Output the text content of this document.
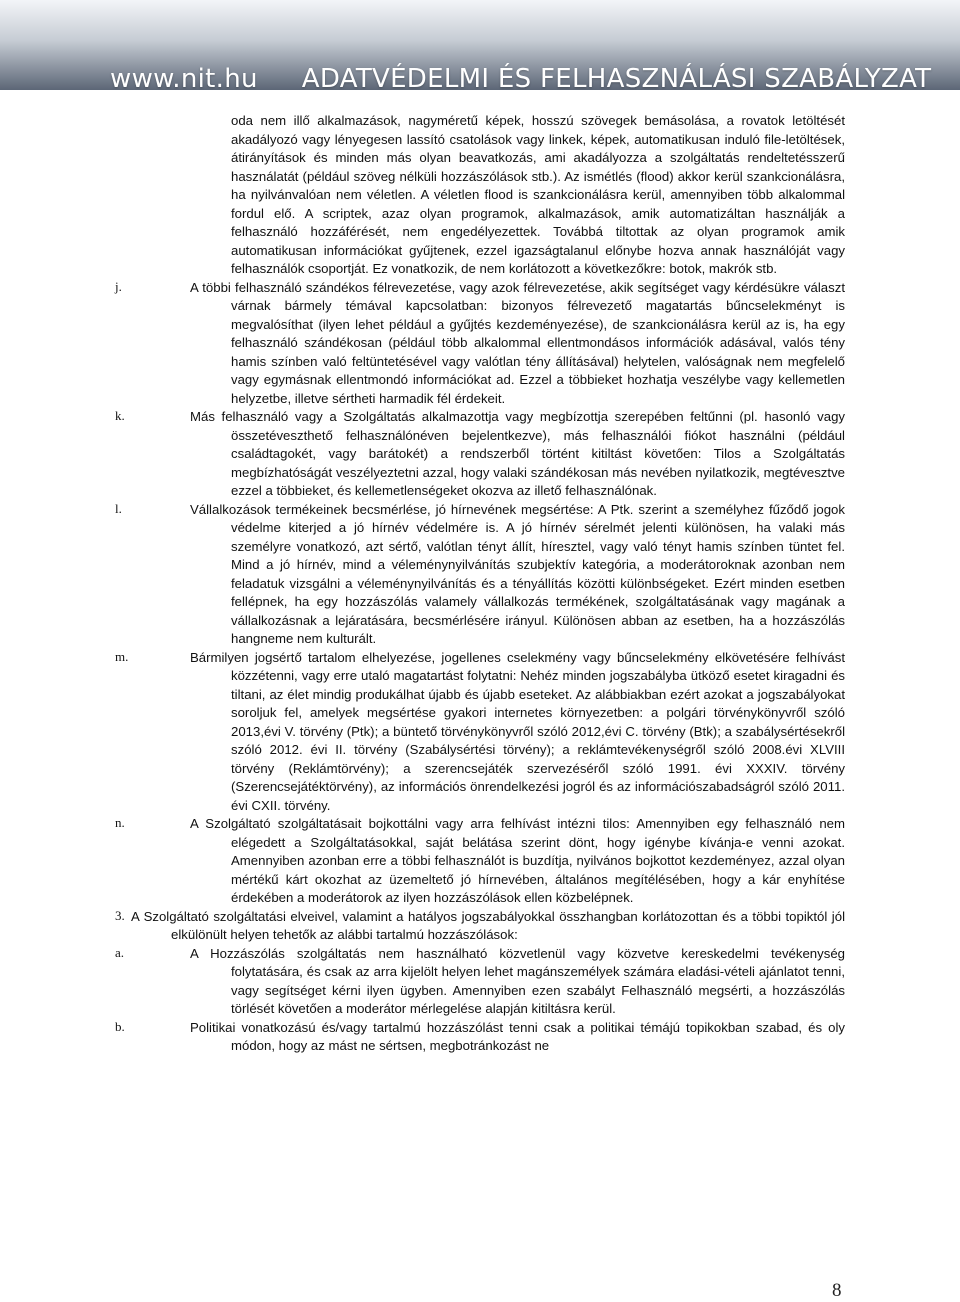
www.nit.hu ADATVÉDELMI ÉS FELHASZNÁLÁSI SZABÁLYZAT

oda nem illő alkalmazások, nagyméretű képek, hosszú szövegek bemásolása, a rovatok letöltését akadályozó vagy lényegesen lassító csatolások vagy linkek, képek, automatikusan induló file-letöltések, átirányítások és minden más olyan beavatkozás, ami akadályozza a szolgáltatás rendeltetésszerű használatát (például szöveg nélküli hozzászólások stb.). Az ismétlés (flood) akkor kerül szankcionálásra, ha nyilvánvalóan nem véletlen. A véletlen flood is szankcionálásra kerül, amennyiben több alkalommal fordul elő. A scriptek, azaz olyan programok, alkalmazások, amik automatizáltan használják a felhasználó hozzáférését, nem engedélyezettek. Továbbá tiltottak az olyan programok amik automatikusan információkat gyűjtenek, ezzel igazságtalanul előnybe hozva annak használóját vagy felhasználók csoportját. Ez vonatkozik, de nem korlátozott a következőkre: botok, makrók stb.

j.	A többi felhasználó szándékos félrevezetése, vagy azok félrevezetése, akik segítséget vagy kérdésükre választ várnak bármely témával kapcsolatban: bizonyos félrevezető magatartás bűncselekményt is megvalósíthat (ilyen lehet például a gyűjtés kezdeményezése), de szankcionálásra kerül az is, ha egy felhasználó szándékosan (például több alkalommal ellentmondásos információk adásával, valós tény hamis színben való feltüntetésével vagy valótlan tény állításával) helytelen, valóságnak nem megfelelő vagy egymásnak ellentmondó információkat ad. Ezzel a többieket hozhatja veszélybe vagy kellemetlen helyzetbe, illetve sértheti harmadik fél érdekeit.

k.	Más felhasználó vagy a Szolgáltatás alkalmazottja vagy megbízottja szerepében feltűnni (pl. hasonló vagy összetéveszthető felhasználónéven bejelentkezve), más felhasználói fiókot használni (például családtagokét, vagy barátokét) a rendszerből történt kitiltást követően: Tilos a Szolgáltatás megbízhatóságát veszélyeztetni azzal, hogy valaki szándékosan más nevében nyilatkozik, megtévesztve ezzel a többieket, és kellemetlenségeket okozva az illető felhasználónak.

l.	Vállalkozások termékeinek becsmérlése, jó hírnevének megsértése: A Ptk. szerint a személyhez fűződő jogok védelme kiterjed a jó hírnév védelmére is. A jó hírnév sérelmét jelenti különösen, ha valaki más személyre vonatkozó, azt sértő, valótlan tényt állít, híresztel, vagy való tényt hamis színben tüntet fel. Mind a jó hírnév, mind a véleménynyilvánítás szubjektív kategória, a moderátoroknak azonban nem feladatuk vizsgálni a véleménynyilvánítás és a tényállítás közötti különbségeket. Ezért minden esetben fellépnek, ha egy hozzászólás valamely vállalkozás termékének, szolgáltatásának vagy magának a vállalkozásnak a lejáratására, becsmérlésére irányul. Különösen abban az esetben, ha a hozzászólás hangneme nem kulturált.

m.	Bármilyen jogsértő tartalom elhelyezése, jogellenes cselekmény vagy bűncselekmény elkövetésére felhívást közzétenni, vagy erre utaló magatartást folytatni: Nehéz minden jogszabályba ütköző esetet kiragadni és tiltani, az élet mindig produkálhat újabb és újabb eseteket. Az alábbiakban ezért azokat a jogszabályokat soroljuk fel, amelyek megsértése gyakori internetes környezetben: a polgári törvénykönyvről szóló 2013,évi V. törvény (Ptk); a büntető törvénykönyvről szóló 2012,évi C. törvény (Btk); a szabálysértésekről szóló 2012. évi II. törvény (Szabálysértési törvény); a reklámtevékenységről szóló 2008.évi XLVIII törvény (Reklámtörvény); a szerencsejáték szervezéséről szóló 1991. évi XXXIV. törvény (Szerencsejátéktörvény), az információs önrendelkezési jogról és az információszabadságról szóló 2011. évi CXII. törvény.

n.	A Szolgáltató szolgáltatásait bojkottálni vagy arra felhívást intézni tilos: Amennyiben egy felhasználó nem elégedett a Szolgáltatásokkal, saját belátása szerint dönt, hogy igénybe kívánja-e venni azokat. Amennyiben azonban erre a többi felhasználót is buzdítja, nyilvános bojkottot kezdeményez, azzal olyan mértékű kárt okozhat az üzemeltető jó hírnevében, általános megítélésében, hogy a kár enyhítése érdekében a moderátorok az ilyen hozzászólások ellen közbelépnek.

3. A Szolgáltató szolgáltatási elveivel, valamint a hatályos jogszabályokkal összhangban korlátozottan és a többi topiktól jól elkülönült helyen tehetők az alábbi tartalmú hozzászólások:

a.	A Hozzászólás szolgáltatás nem használható közvetlenül vagy közvetve kereskedelmi tevékenység folytatására, és csak az arra kijelölt helyen lehet magánszemélyek számára eladási-vételi ajánlatot tenni, vagy segítséget kérni ilyen ügyben. Amennyiben ezen szabályt Felhasználó megsérti, a hozzászólás törlését követően a moderátor mérlegelése alapján kitiltásra kerül.

b.	Politikai vonatkozású és/vagy tartalmú hozzászólást tenni csak a politikai témájú topikokban szabad, és oly módon, hogy az mást ne sértsen, megbotránkozást ne

8
